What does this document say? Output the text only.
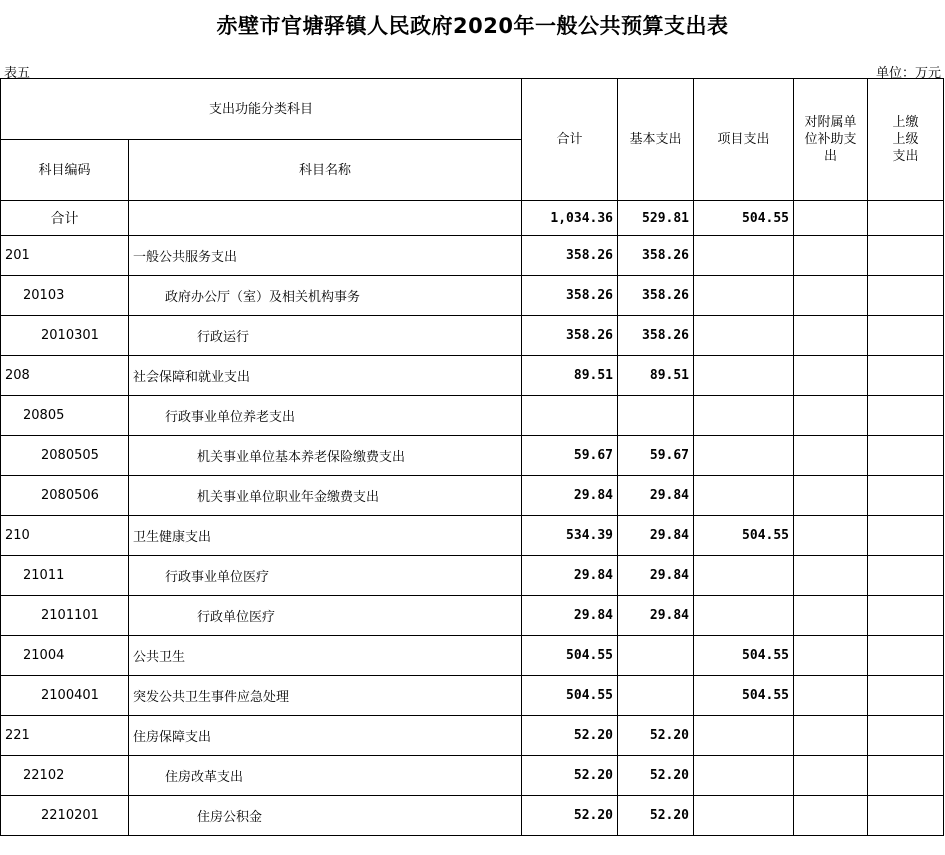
赤壁市官塘驿镇人民政府2020年一般公共预算支出表
表五	单位：万元
支出功能分类科目		合计	基本支出	项目支出	对附属单位补助支出	上缴上级支出
科目编码	科目名称					
合计		1,034.36	529.81	504.55		
201	一般公共服务支出	358.26	358.26			
20103	政府办公厅（室）及相关机构事务	358.26	358.26			
2010301	行政运行	358.26	358.26			
208	社会保障和就业支出	89.51	89.51			
20805	行政事业单位养老支出					
2080505	机关事业单位基本养老保险缴费支出	59.67	59.67			
2080506	机关事业单位职业年金缴费支出	29.84	29.84			
210	卫生健康支出	534.39	29.84	504.55		
21011	行政事业单位医疗	29.84	29.84			
2101101	行政单位医疗	29.84	29.84			
21004	公共卫生	504.55		504.55		
2100401	突发公共卫生事件应急处理	504.55		504.55		
221	住房保障支出	52.20	52.20			
22102	住房改革支出	52.20	52.20			
2210201	住房公积金	52.20	52.20			
